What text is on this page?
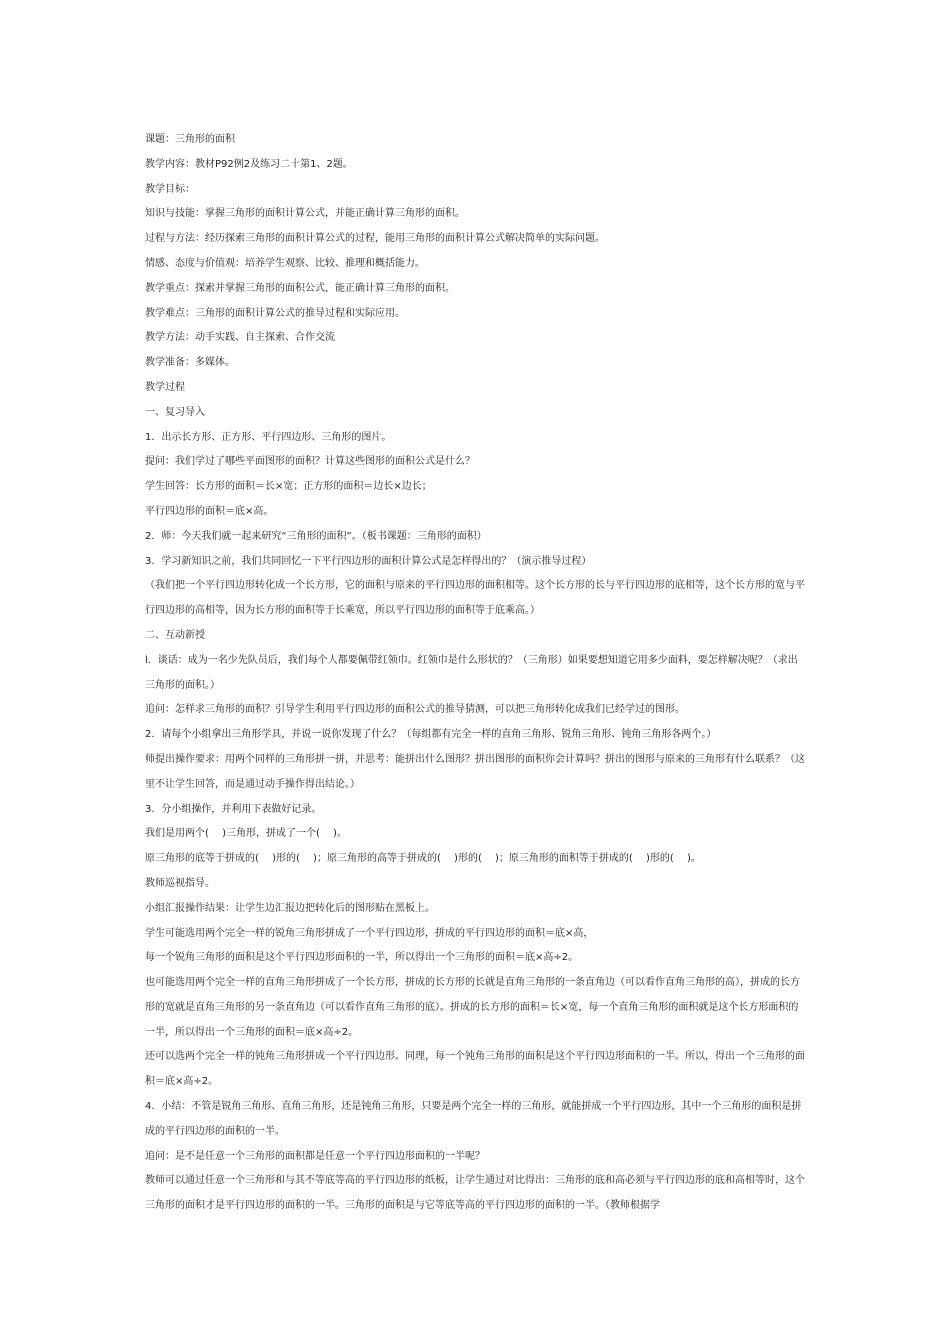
课题：三角形的面积

教学内容：教材P92例2及练习二十第1、2题。

教学目标：

知识与技能：掌握三角形的面积计算公式，并能正确计算三角形的面积。

过程与方法：经历探索三角形的面积计算公式的过程，能用三角形的面积计算公式解决简单的实际问题。

情感、态度与价值观：培养学生观察、比较、推理和概括能力。

教学重点：探索并掌握三角形的面积公式，能正确计算三角形的面积。

教学难点：三角形的面积计算公式的推导过程和实际应用。

教学方法：动手实践、自主探索、合作交流

教学准备：多媒体。

教学过程

一、复习导入

1．出示长方形、正方形、平行四边形、三角形的图片。

提问：我们学过了哪些平面图形的面积？计算这些图形的面积公式是什么？

学生回答：长方形的面积＝长×宽；正方形的面积＝边长×边长；

平行四边形的面积＝底×高。

2．师：今天我们就一起来研究“三角形的面积”。（板书课题：三角形的面积）

3．学习新知识之前，我们共同回忆一下平行四边形的面积计算公式是怎样得出的？（演示推导过程）

（我们把一个平行四边形转化成一个长方形，它的面积与原来的平行四边形的面积相等。这个长方形的长与平行四边形的底相等，这个长方形的宽与平行四边形的高相等，因为长方形的面积等于长乘宽，所以平行四边形的面积等于底乘高。）

二、互动新授

l．谈话：成为一名少先队员后，我们每个人都要佩带红领巾。红领巾是什么形状的？（三角形）如果要想知道它用多少面料，要怎样解决呢？（求出三角形的面积。）

追问：怎样求三角形的面积？引导学生利用平行四边形的面积公式的推导猜测，可以把三角形转化成我们已经学过的图形。

2．请每个小组拿出三角形学具，并说一说你发现了什么？（每组都有完全一样的直角三角形、锐角三角形、钝角三角形各两个。）

师提出操作要求：用两个同样的三角形拼一拼，并思考：能拼出什么图形？拼出图形的面积你会计算吗？拼出的图形与原来的三角形有什么联系？（这里不让学生回答，而是通过动手操作得出结论。）

3．分小组操作，并利用下表做好记录。

我们是用两个(　 )三角形，拼成了一个(　 )。

原三角形的底等于拼成的(　 )形的(　 )；原三角形的高等于拼成的(　 )形的(　 )；原三角形的面积等于拼成的(　 )形的(　 )。

教师巡视指导。

小组汇报操作结果：让学生边汇报边把转化后的图形贴在黑板上。

学生可能选用两个完全一样的锐角三角形拼成了一个平行四边形，拼成的平行四边形的面积＝底×高，

每一个锐角三角形的面积是这个平行四边形面积的一半，所以得出一个三角形的面积＝底×高÷2。

也可能选用两个完全一样的直角三角形拼成了一个长方形，拼成的长方形的长就是直角三角形的一条直角边（可以看作直角三角形的高），拼成的长方形的宽就是直角三角形的另一条直角边（可以看作直角三角形的底）。拼成的长方形的面积＝长×宽，每一个直角三角形的面积就是这个长方形面积的一半，所以得出一个三角形的面积＝底×高÷2。

还可以选两个完全一样的钝角三角形拼成一个平行四边形。同理，每一个钝角三角形的面积是这个平行四边形面积的一半。所以，得出一个三角形的面积＝底×高÷2。

4．小结：不管是锐角三角形、直角三角形，还是钝角三角形，只要是两个完全一样的三角形，就能拼成一个平行四边形，其中一个三角形的面积是拼成的平行四边形的面积的一半。

追问：是不是任意一个三角形的面积都是任意一个平行四边形面积的一半呢？

教师可以通过任意一个三角形和与其不等底等高的平行四边形的纸板，让学生通过对比得出：三角形的底和高必须与平行四边形的底和高相等时，这个三角形的面积才是平行四边形的面积的一半。三角形的面积是与它等底等高的平行四边形的面积的一半。（教师根据学
